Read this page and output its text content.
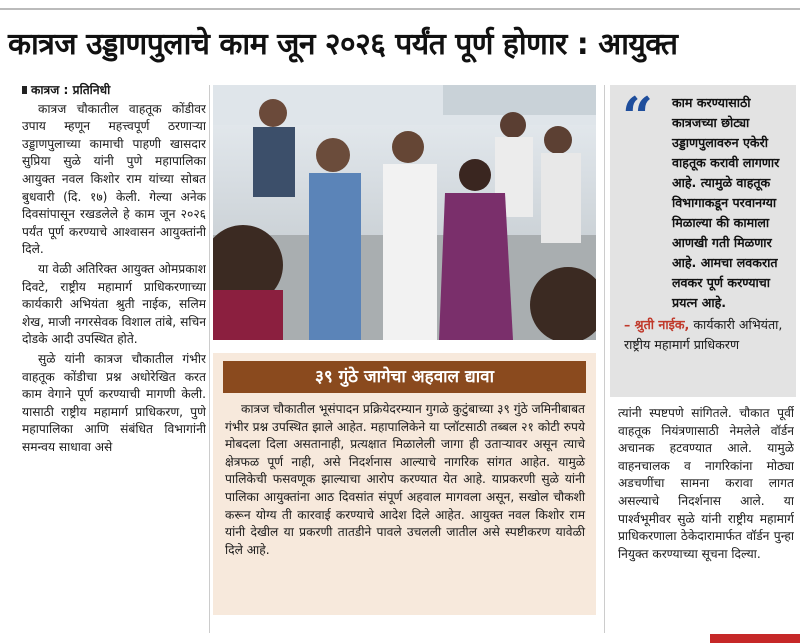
कात्रज उड्डाणपुलाचे काम जून २०२६ पर्यंत पूर्ण होणार : आयुक्त

कात्रज : प्रतिनिधी

कात्रज चौकातील वाहतूक कोंडीवर उपाय म्हणून महत्त्वपूर्ण ठरणाऱ्या उड्डाणपुलाच्या कामाची पाहणी खासदार सुप्रिया सुळे यांनी पुणे महापालिका आयुक्त नवल किशोर राम यांच्या सोबत बुधवारी (दि. १७) केली. गेल्या अनेक दिवसांपासून रखडलेले हे काम जून २०२६ पर्यंत पूर्ण करण्याचे आश्वासन आयुक्तांनी दिले.

या वेळी अतिरिक्त आयुक्त ओमप्रकाश दिवटे, राष्ट्रीय महामार्ग प्राधिकरणाच्या कार्यकारी अभियंता श्रुती नाईक, सलिम शेख, माजी नगरसेवक विशाल तांबे, सचिन दोडके आदी उपस्थित होते.

सुळे यांनी कात्रज चौकातील गंभीर वाहतूक कोंडीचा प्रश्न अधोरेखित करत काम वेगाने पूर्ण करण्याची मागणी केली. यासाठी राष्ट्रीय महामार्ग प्राधिकरण, पुणे महापालिका आणि संबंधित विभागांनी समन्वय साधावा असे

“ काम करण्यासाठी कात्रजच्या छोट्या उड्डाणपुलावरुन एकेरी वाहतूक करावी लागणार आहे. त्यामुळे वाहतूक विभागाकडून परवानग्या मिळाल्या की कामाला आणखी गती मिळणार आहे. आमचा लवकरात लवकर पूर्ण करण्याचा प्रयत्न आहे.
– श्रुती नाईक, कार्यकारी अभियंता, राष्ट्रीय महामार्ग प्राधिकरण
३९ गुंठे जागेचा अहवाल द्यावा

कात्रज चौकातील भूसंपादन प्रक्रियेदरम्यान गुगळे कुटुंबाच्या ३९ गुंठे जमिनीबाबत गंभीर प्रश्न उपस्थित झाले आहेत. महापालिकेने या प्लॉटसाठी तब्बल २१ कोटी रुपये मोबदला दिला असतानाही, प्रत्यक्षात मिळालेली जागा ही उताऱ्यावर असून त्याचे क्षेत्रफळ पूर्ण नाही, असे निदर्शनास आल्याचे नागरिक सांगत आहेत. यामुळे पालिकेची फसवणूक झाल्याचा आरोप करण्यात येत आहे. याप्रकरणी सुळे यांनी पालिका आयुक्तांना आठ दिवसांत संपूर्ण अहवाल मागवला असून, सखोल चौकशी करून योग्य ती कारवाई करण्याचे आदेश दिले आहेत. आयुक्त नवल किशोर राम यांनी देखील या प्रकरणी तातडीने पावले उचलली जातील असे स्पष्टीकरण यावेळी दिले आहे.

त्यांनी स्पष्टपणे सांगितले. चौकात पूर्वी वाहतूक नियंत्रणासाठी नेमलेले वॉर्डन अचानक हटवण्यात आले. यामुळे वाहनचालक व नागरिकांना मोठ्या अडचणींचा सामना करावा लागत असल्याचे निदर्शनास आले. या पार्श्वभूमीवर सुळे यांनी राष्ट्रीय महामार्ग प्राधिकरणाला ठेकेदारामार्फत वॉर्डन पुन्हा नियुक्त करण्याच्या सूचना दिल्या.
